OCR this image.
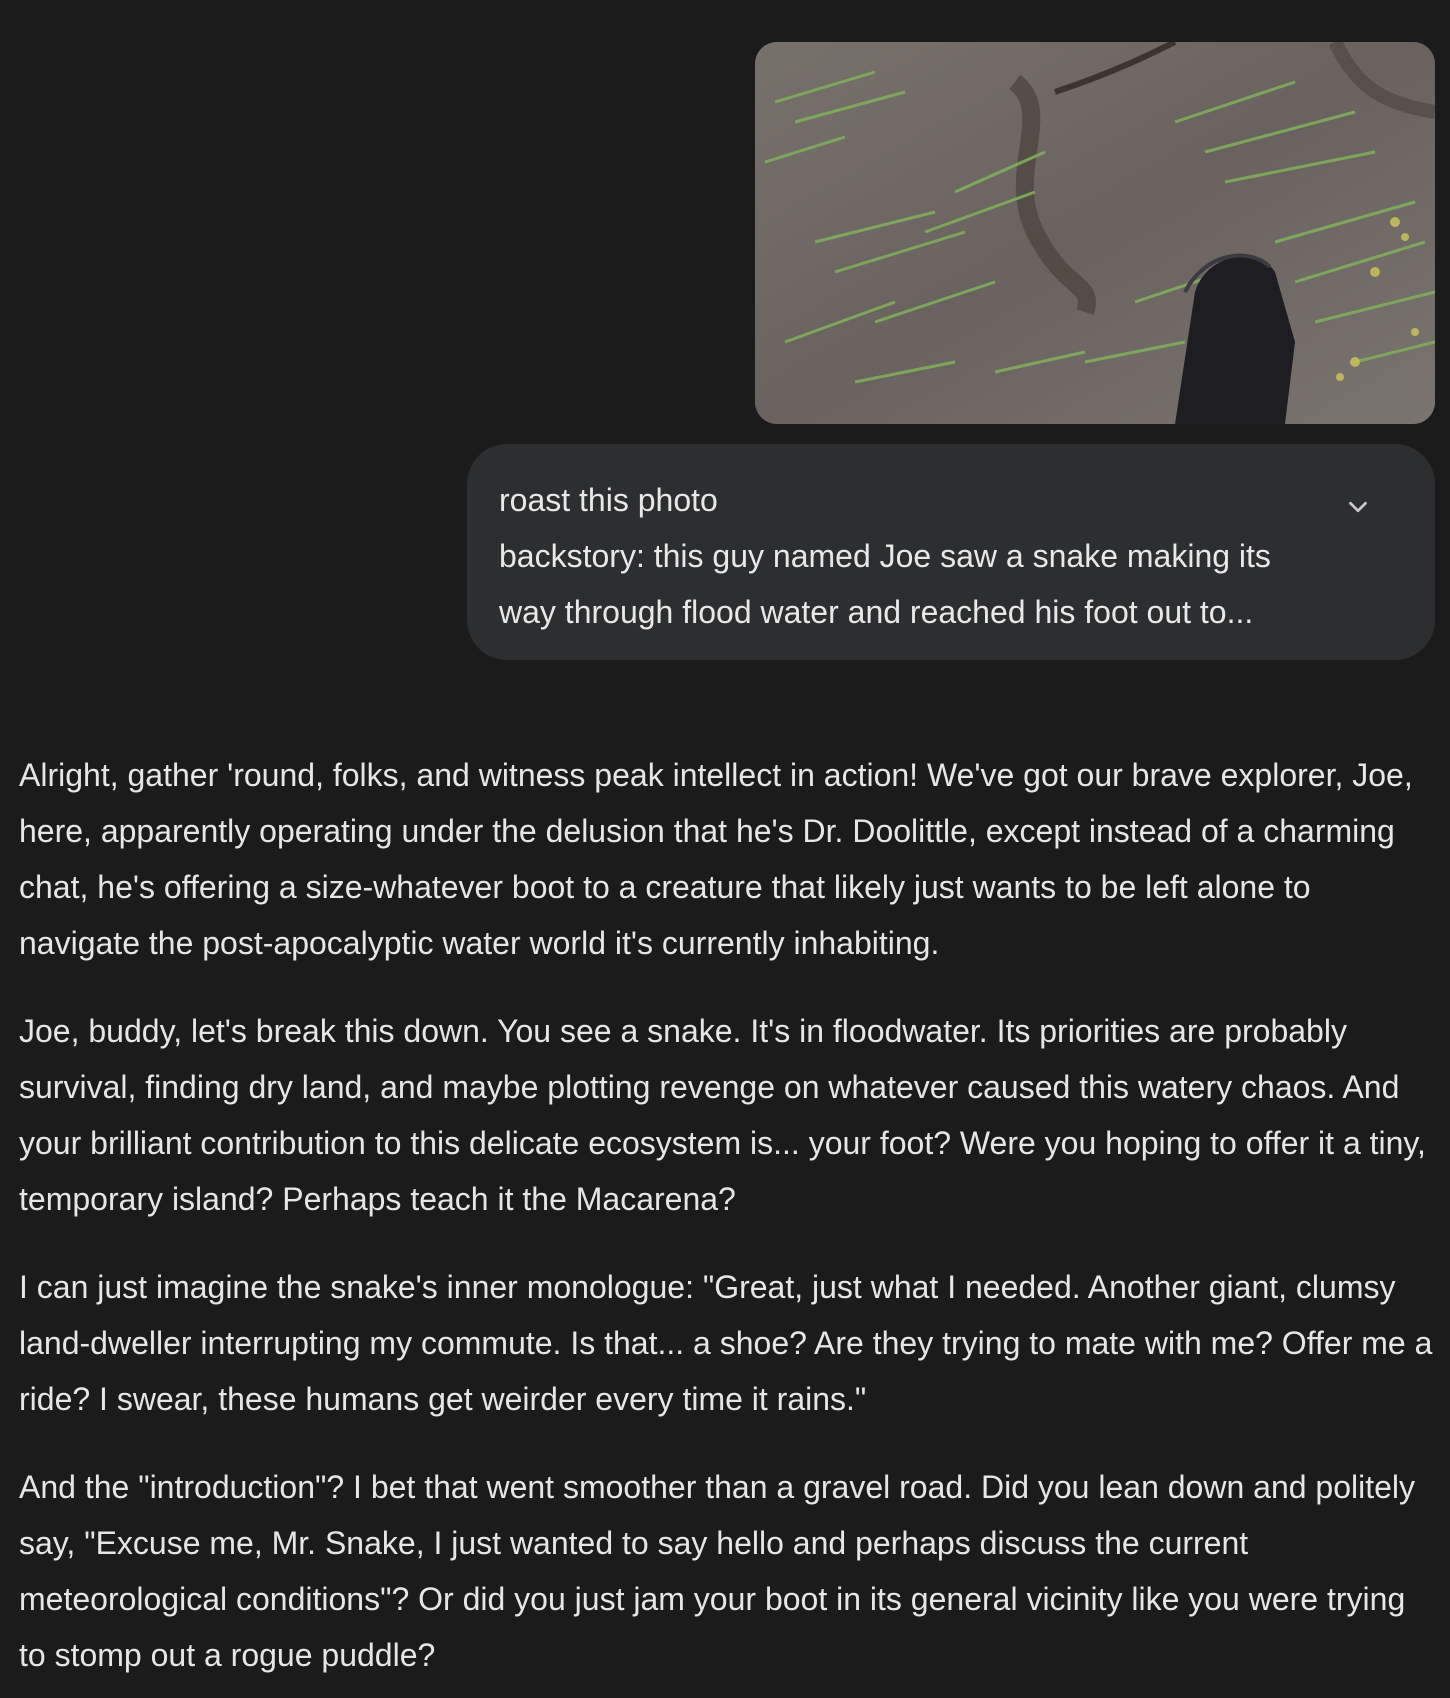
roast this photo
backstory: this guy named Joe saw a snake making its
way through flood water and reached his foot out to...

Alright, gather 'round, folks, and witness peak intellect in action! We've got our brave explorer, Joe, here, apparently operating under the delusion that he's Dr. Doolittle, except instead of a charming chat, he's offering a size-whatever boot to a creature that likely just wants to be left alone to navigate the post-apocalyptic water world it's currently inhabiting.

Joe, buddy, let's break this down. You see a snake. It's in floodwater. Its priorities are probably survival, finding dry land, and maybe plotting revenge on whatever caused this watery chaos. And your brilliant contribution to this delicate ecosystem is... your foot? Were you hoping to offer it a tiny, temporary island? Perhaps teach it the Macarena?

I can just imagine the snake's inner monologue: "Great, just what I needed. Another giant, clumsy land-dweller interrupting my commute. Is that... a shoe? Are they trying to mate with me? Offer me a ride? I swear, these humans get weirder every time it rains."

And the "introduction"? I bet that went smoother than a gravel road. Did you lean down and politely say, "Excuse me, Mr. Snake, I just wanted to say hello and perhaps discuss the current meteorological conditions"? Or did you just jam your boot in its general vicinity like you were trying to stomp out a rogue puddle?
